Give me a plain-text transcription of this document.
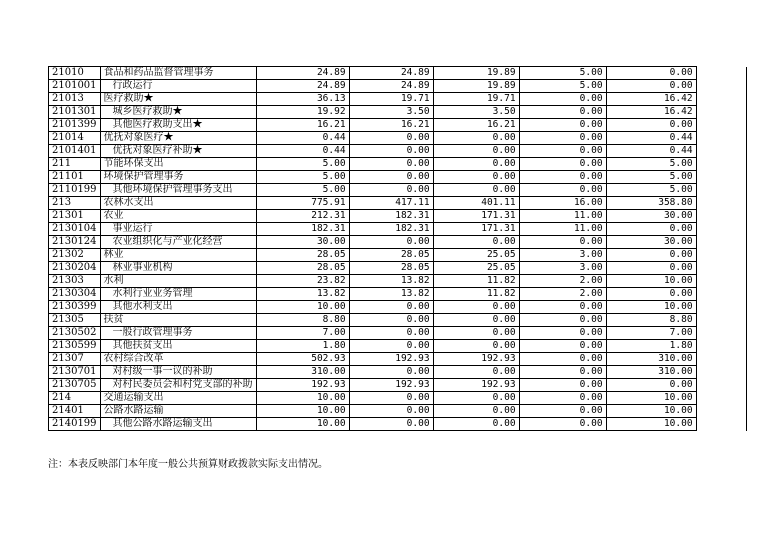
21010	食品和药品监督管理事务	24.89	24.89	19.89	5.00	0.00	
2101001	行政运行	24.89	24.89	19.89	5.00	0.00	
21013	医疗救助★	36.13	19.71	19.71	0.00	16.42	
2101301	城乡医疗救助★	19.92	3.50	3.50	0.00	16.42	
2101399	其他医疗救助支出★	16.21	16.21	16.21	0.00	0.00	
21014	优抚对象医疗★	0.44	0.00	0.00	0.00	0.44	
2101401	优抚对象医疗补助★	0.44	0.00	0.00	0.00	0.44	
211	节能环保支出	5.00	0.00	0.00	0.00	5.00	
21101	环境保护管理事务	5.00	0.00	0.00	0.00	5.00	
2110199	其他环境保护管理事务支出	5.00	0.00	0.00	0.00	5.00	
213	农林水支出	775.91	417.11	401.11	16.00	358.80	
21301	农业	212.31	182.31	171.31	11.00	30.00	
2130104	事业运行	182.31	182.31	171.31	11.00	0.00	
2130124	农业组织化与产业化经营	30.00	0.00	0.00	0.00	30.00	
21302	林业	28.05	28.05	25.05	3.00	0.00	
2130204	林业事业机构	28.05	28.05	25.05	3.00	0.00	
21303	水利	23.82	13.82	11.82	2.00	10.00	
2130304	水利行业业务管理	13.82	13.82	11.82	2.00	0.00	
2130399	其他水利支出	10.00	0.00	0.00	0.00	10.00	
21305	扶贫	8.80	0.00	0.00	0.00	8.80	
2130502	一般行政管理事务	7.00	0.00	0.00	0.00	7.00	
2130599	其他扶贫支出	1.80	0.00	0.00	0.00	1.80	
21307	农村综合改革	502.93	192.93	192.93	0.00	310.00	
2130701	对村级一事一议的补助	310.00	0.00	0.00	0.00	310.00	
2130705	对村民委员会和村党支部的补助	192.93	192.93	192.93	0.00	0.00	
214	交通运输支出	10.00	0.00	0.00	0.00	10.00	
21401	公路水路运输	10.00	0.00	0.00	0.00	10.00	
2140199	其他公路水路运输支出	10.00	0.00	0.00	0.00	10.00	
注：本表反映部门本年度一般公共预算财政拨款实际支出情况。
